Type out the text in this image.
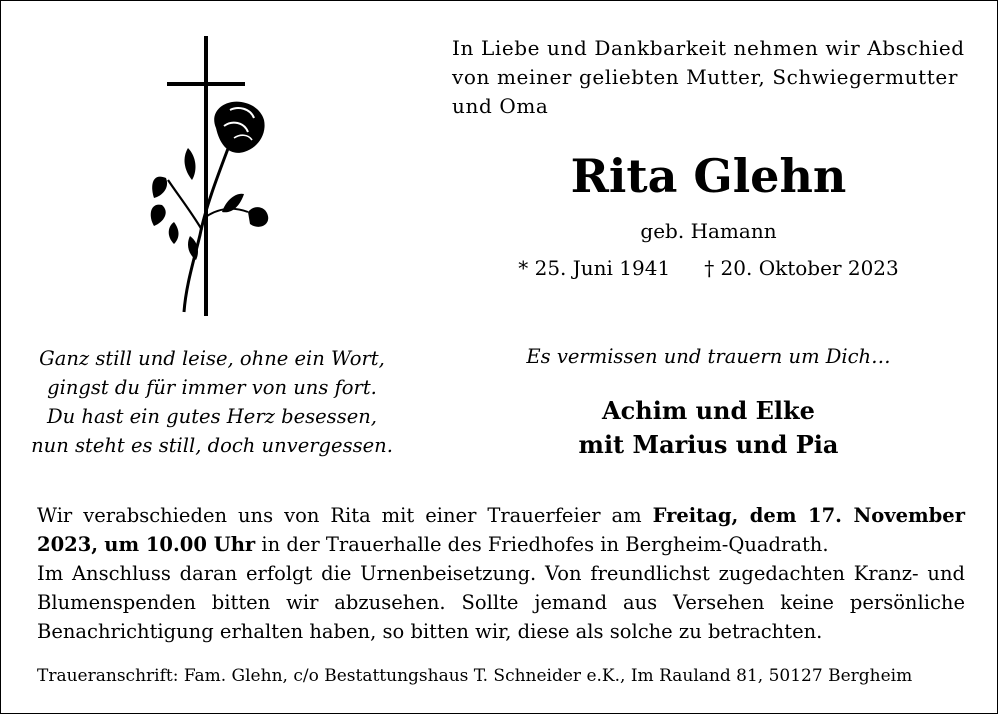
In Liebe und Dankbarkeit nehmen wir Abschied
von meiner geliebten Mutter, Schwiegermutter
und Oma
Rita Glehn
geb. Hamann
* 25. Juni 1941 † 20. Oktober 2023
Ganz still und leise, ohne ein Wort,
gingst du für immer von uns fort.
Du hast ein gutes Herz besessen,
nun steht es still, doch unvergessen.
Es vermissen und trauern um Dich…
Achim und Elke
mit Marius und Pia
Wir verabschieden uns von Rita mit einer Trauerfeier am Freitag, dem 17. November 2023, um 10.00 Uhr in der Trauerhalle des Friedhofes in Bergheim-Quadrath.
Im Anschluss daran erfolgt die Urnenbeisetzung. Von freundlichst zugedachten Kranz- und Blumenspenden bitten wir abzusehen. Sollte jemand aus Versehen keine persönliche Benachrichtigung erhalten haben, so bitten wir, diese als solche zu betrachten.
Traueranschrift: Fam. Glehn, c/o Bestattungshaus T. Schneider e.K., Im Rauland 81, 50127 Bergheim
